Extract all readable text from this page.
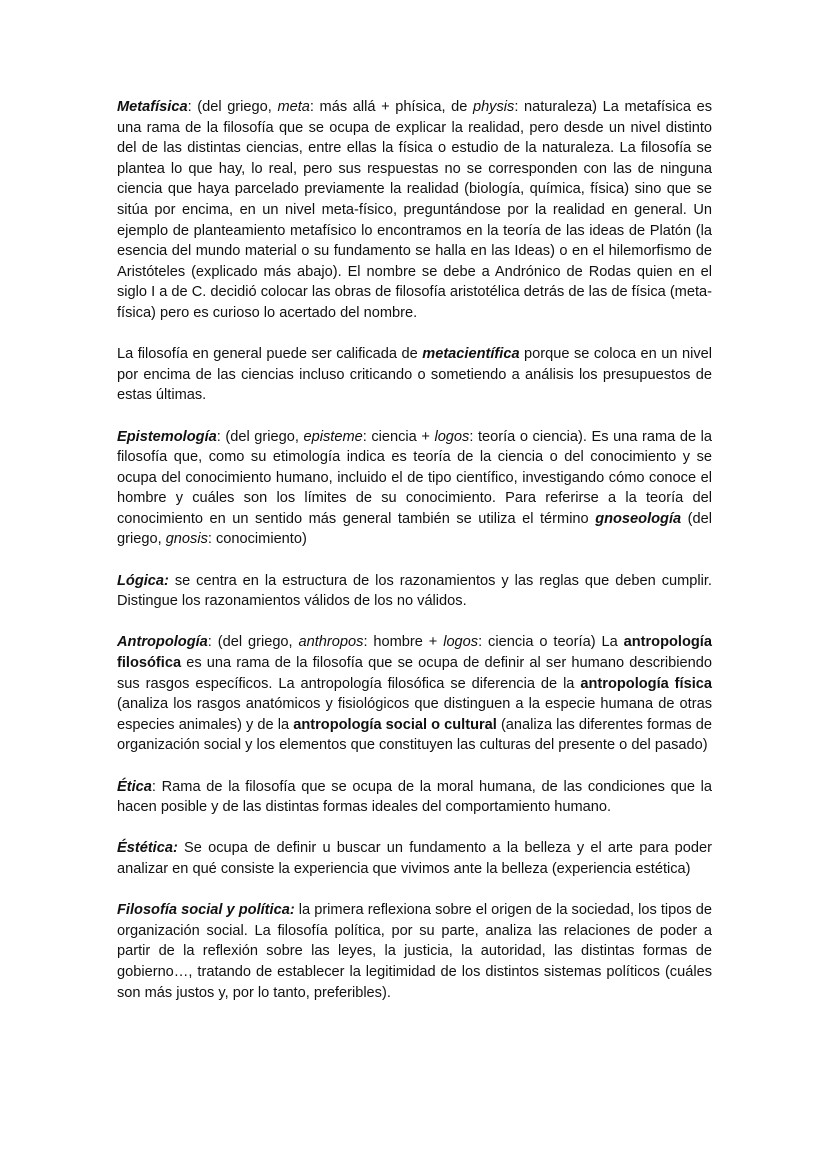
Metafísica: (del griego, meta: más allá + phísica, de physis: naturaleza) La metafísica es una rama de la filosofía que se ocupa de explicar la realidad, pero desde un nivel distinto del de las distintas ciencias, entre ellas la física o estudio de la naturaleza. La filosofía se plantea lo que hay, lo real, pero sus respuestas no se corresponden con las de ninguna ciencia que haya parcelado previamente la realidad (biología, química, física) sino que se sitúa por encima, en un nivel meta-físico, preguntándose por la realidad en general. Un ejemplo de planteamiento metafísico lo encontramos en la teoría de las ideas de Platón (la esencia del mundo material o su fundamento se halla en las Ideas) o en el hilemorfismo de Aristóteles (explicado más abajo). El nombre se debe a Andrónico de Rodas quien en el siglo I a de C. decidió colocar las obras de filosofía aristotélica detrás de las de física (meta-física) pero es curioso lo acertado del nombre.

La filosofía en general puede ser calificada de metacientífica porque se coloca en un nivel por encima de las ciencias incluso criticando o sometiendo a análisis los presupuestos de estas últimas.

Epistemología: (del griego, episteme: ciencia + logos: teoría o ciencia). Es una rama de la filosofía que, como su etimología indica es teoría de la ciencia o del conocimiento y se ocupa del conocimiento humano, incluido el de tipo científico, investigando cómo conoce el hombre y cuáles son los límites de su conocimiento. Para referirse a la teoría del conocimiento en un sentido más general también se utiliza el término gnoseología (del griego, gnosis: conocimiento)

Lógica: se centra en la estructura de los razonamientos y las reglas que deben cumplir. Distingue los razonamientos válidos de los no válidos.

Antropología: (del griego, anthropos: hombre + logos: ciencia o teoría) La antropología filosófica es una rama de la filosofía que se ocupa de definir al ser humano describiendo sus rasgos específicos. La antropología filosófica se diferencia de la antropología física (analiza los rasgos anatómicos y fisiológicos que distinguen a la especie humana de otras especies animales) y de la antropología social o cultural (analiza las diferentes formas de organización social y los elementos que constituyen las culturas del presente o del pasado)

Ética: Rama de la filosofía que se ocupa de la moral humana, de las condiciones que la hacen posible y de las distintas formas ideales del comportamiento humano.

Éstética: Se ocupa de definir u buscar un fundamento a la belleza y el arte para poder analizar en qué consiste la experiencia que vivimos ante la belleza (experiencia estética)

Filosofía social y política: la primera reflexiona sobre el origen de la sociedad, los tipos de organización social. La filosofía política, por su parte, analiza las relaciones de poder a partir de la reflexión sobre las leyes, la justicia, la autoridad, las distintas formas de gobierno…, tratando de establecer la legitimidad de los distintos sistemas políticos (cuáles son más justos y, por lo tanto, preferibles).
